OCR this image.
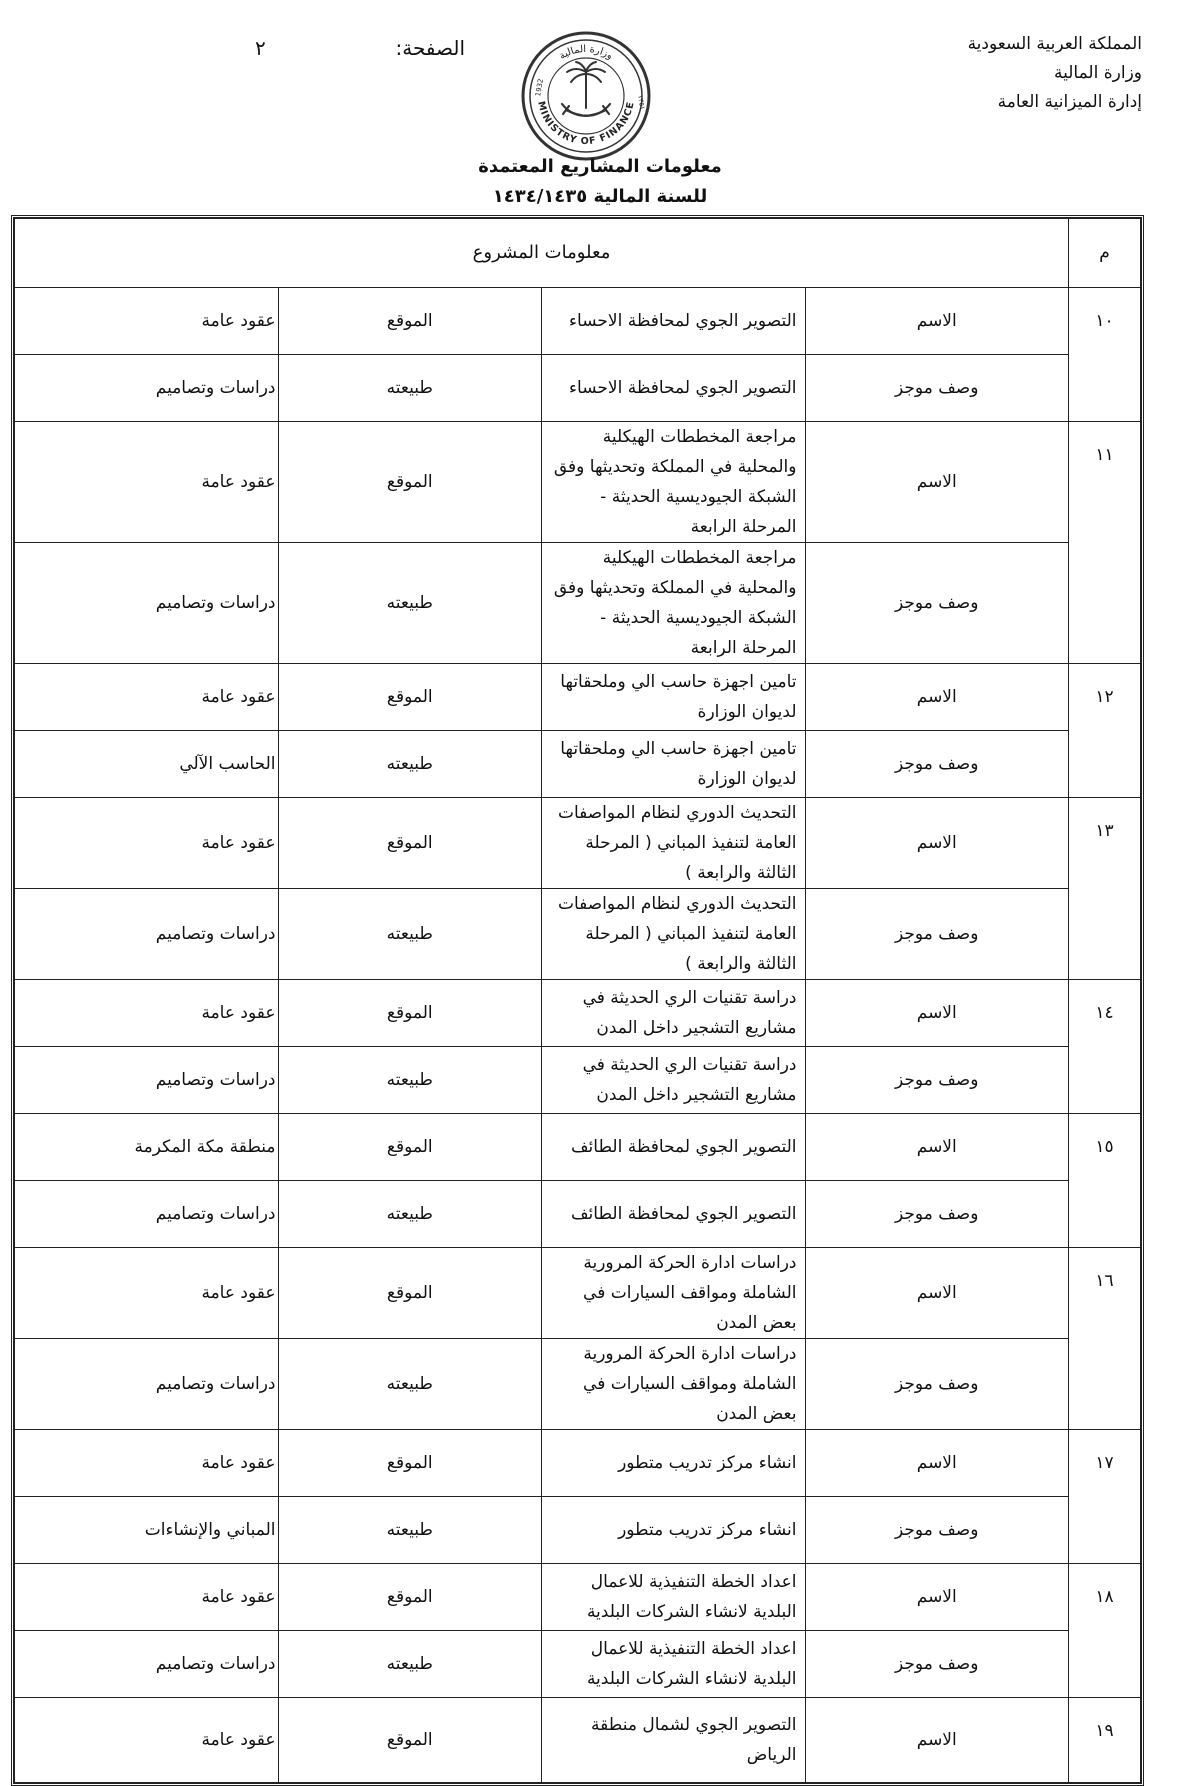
المملكة العربية السعودية
وزارة المالية
إدارة الميزانية العامة
الصفحة:
٢
MINISTRY OF FINANCE
وزارة المالية
1932
١٣٥١
معلومات المشاريع المعتمدة
للسنة المالية ١٤٣٤/١٤٣٥
م	معلومات المشروع			
١٠	الاسم	التصوير الجوي لمحافظة الاحساء	الموقع	عقود عامة
	وصف موجز	التصوير الجوي لمحافظة الاحساء	طبيعته	دراسات وتصاميم
١١	الاسم	مراجعة المخططات الهيكلية والمحلية في المملكة وتحديثها وفق الشبكة الجيوديسية الحديثة - المرحلة الرابعة	الموقع	عقود عامة
	وصف موجز	مراجعة المخططات الهيكلية والمحلية في المملكة وتحديثها وفق الشبكة الجيوديسية الحديثة - المرحلة الرابعة	طبيعته	دراسات وتصاميم
١٢	الاسم	تامين اجهزة حاسب الي وملحقاتها لديوان الوزارة	الموقع	عقود عامة
	وصف موجز	تامين اجهزة حاسب الي وملحقاتها لديوان الوزارة	طبيعته	الحاسب الآلي
١٣	الاسم	التحديث الدوري لنظام المواصفات العامة لتنفيذ المباني ( المرحلة الثالثة والرابعة )	الموقع	عقود عامة
	وصف موجز	التحديث الدوري لنظام المواصفات العامة لتنفيذ المباني ( المرحلة الثالثة والرابعة )	طبيعته	دراسات وتصاميم
١٤	الاسم	دراسة تقنيات الري الحديثة في مشاريع التشجير داخل المدن	الموقع	عقود عامة
	وصف موجز	دراسة تقنيات الري الحديثة في مشاريع التشجير داخل المدن	طبيعته	دراسات وتصاميم
١٥	الاسم	التصوير الجوي لمحافظة الطائف	الموقع	منطقة مكة المكرمة
	وصف موجز	التصوير الجوي لمحافظة الطائف	طبيعته	دراسات وتصاميم
١٦	الاسم	دراسات ادارة الحركة المرورية الشاملة ومواقف السيارات في بعض المدن	الموقع	عقود عامة
	وصف موجز	دراسات ادارة الحركة المرورية الشاملة ومواقف السيارات في بعض المدن	طبيعته	دراسات وتصاميم
١٧	الاسم	انشاء مركز تدريب متطور	الموقع	عقود عامة
	وصف موجز	انشاء مركز تدريب متطور	طبيعته	المباني والإنشاءات
١٨	الاسم	اعداد الخطة التنفيذية للاعمال البلدية لانشاء الشركات البلدية	الموقع	عقود عامة
	وصف موجز	اعداد الخطة التنفيذية للاعمال البلدية لانشاء الشركات البلدية	طبيعته	دراسات وتصاميم
١٩	الاسم	التصوير الجوي لشمال منطقة الرياض	الموقع	عقود عامة
